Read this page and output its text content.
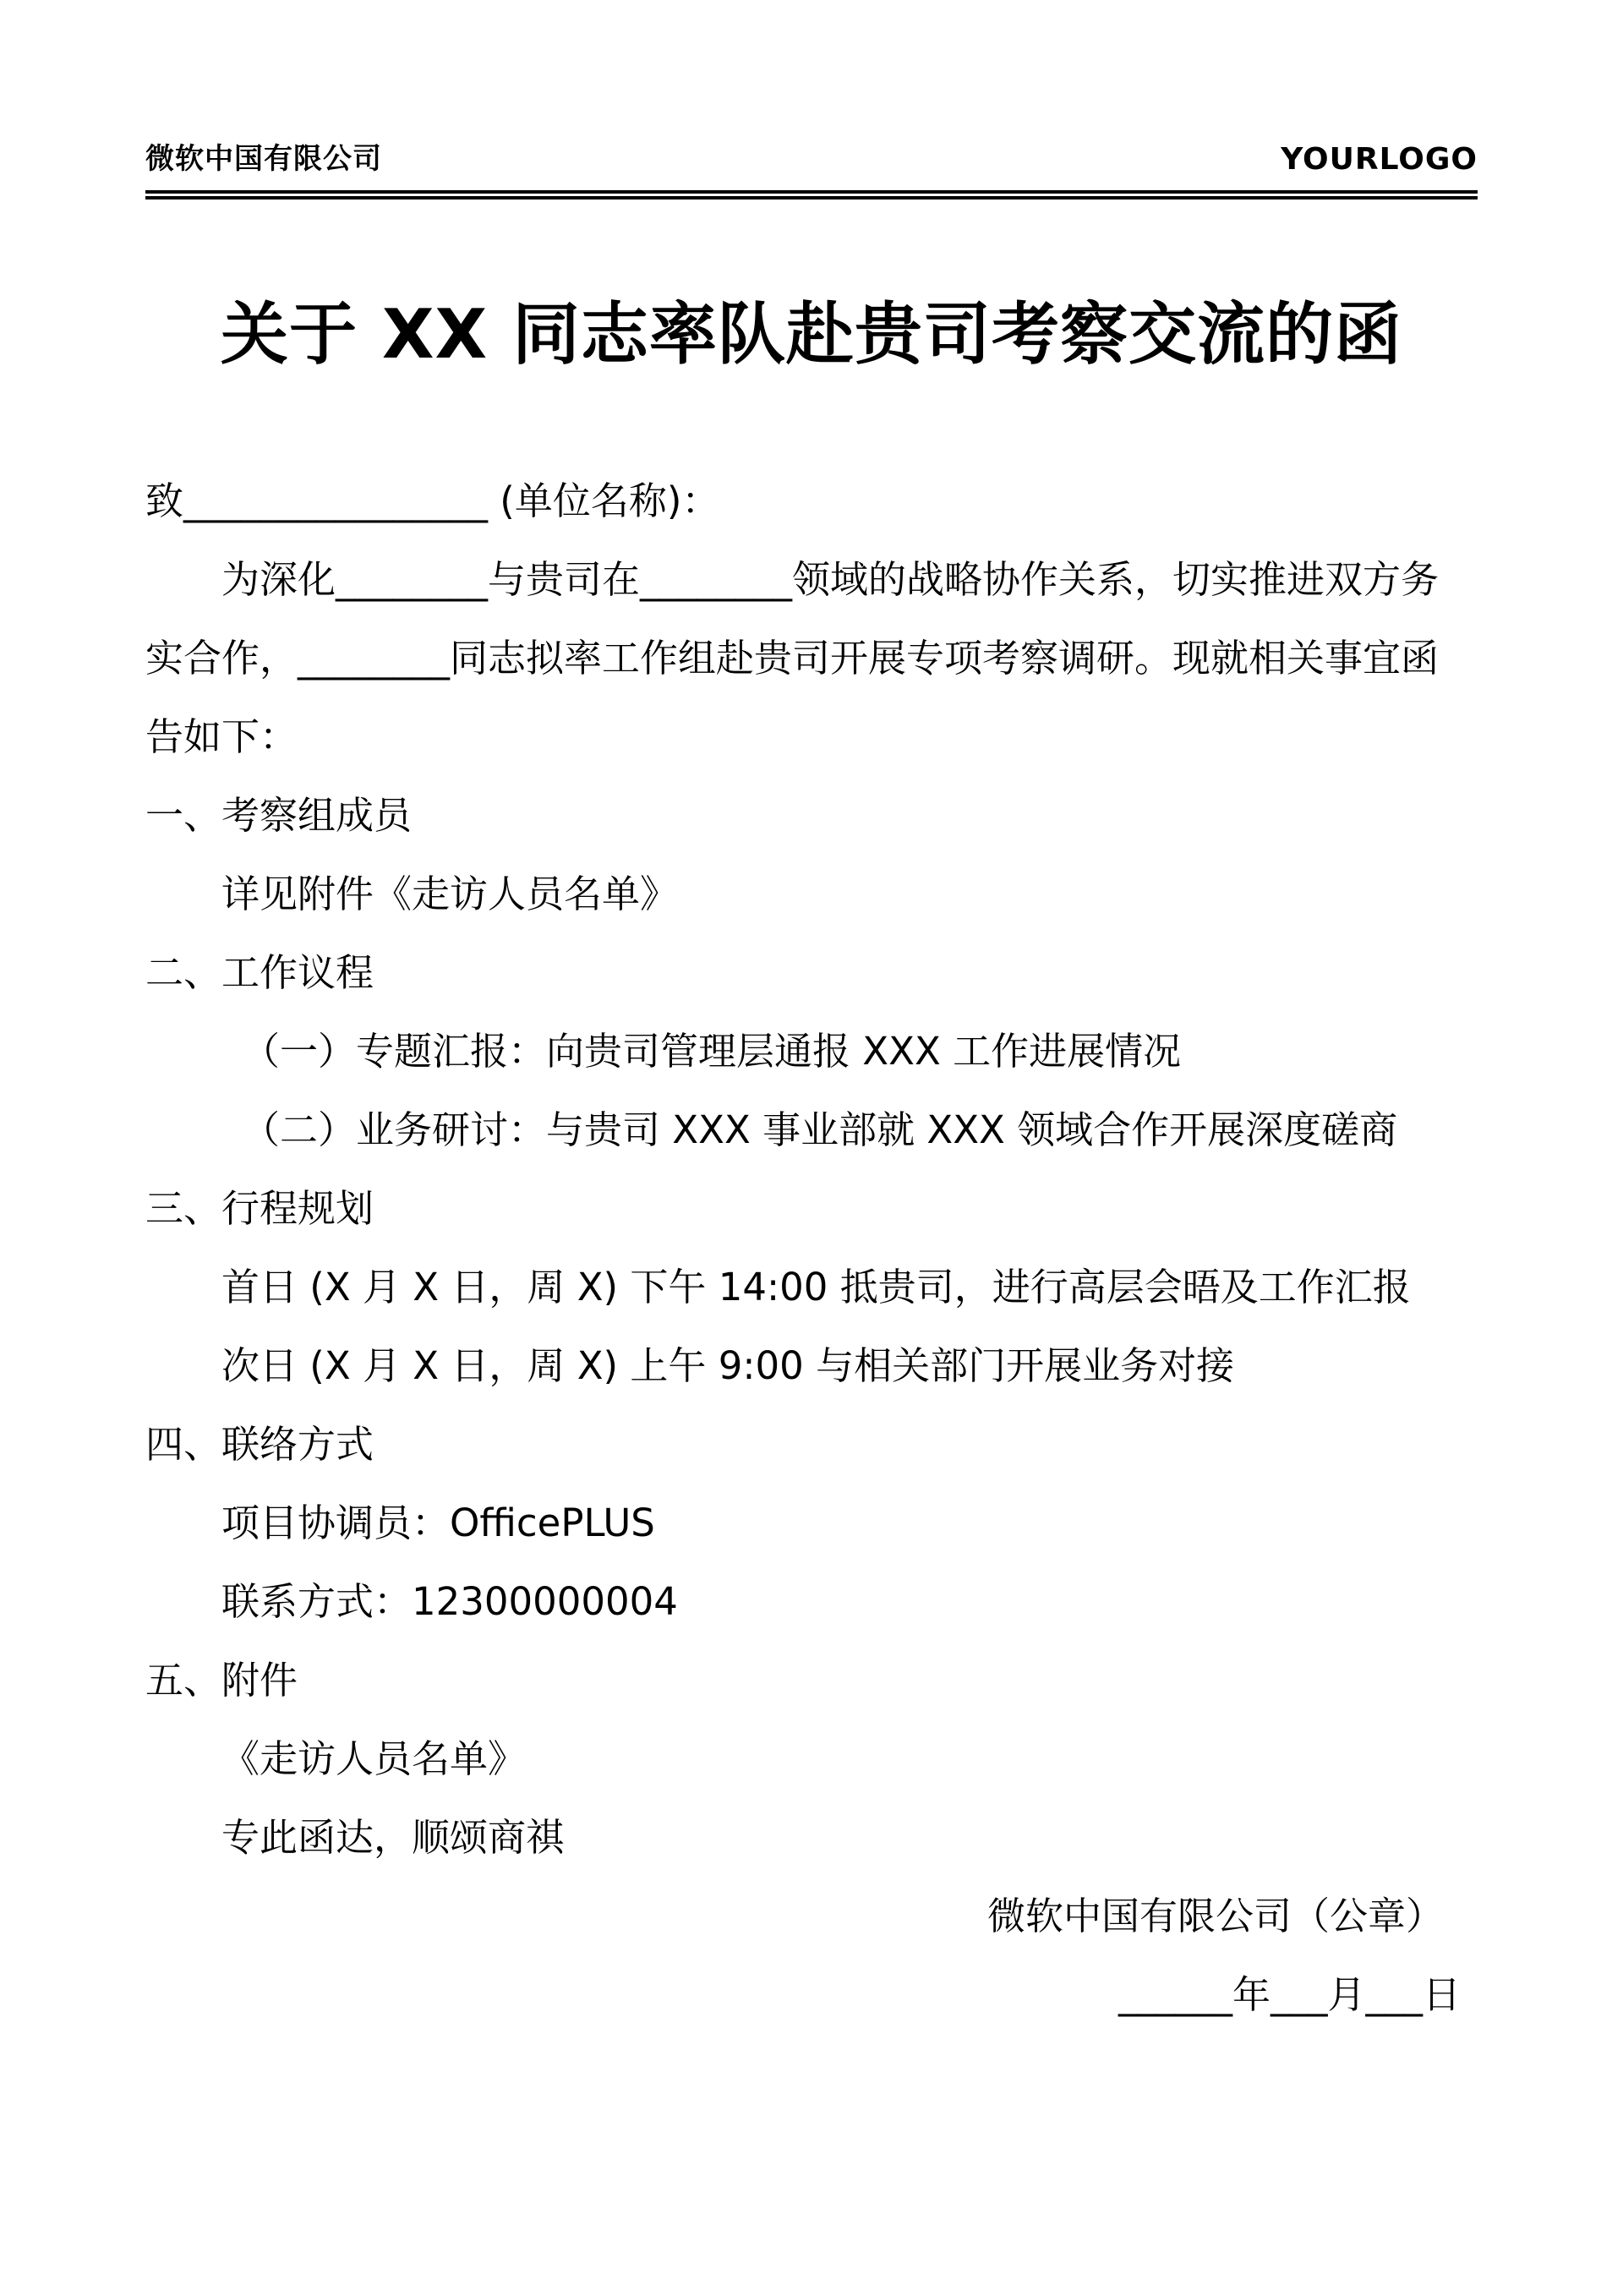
微软中国有限公司	YOURLOGO
关于 XX 同志率队赴贵司考察交流的函
致________________ (单位名称)：
为深化________与贵司在________领域的战略协作关系，切实推进双方务
实合作，________同志拟率工作组赴贵司开展专项考察调研。现就相关事宜函
告如下：
一、考察组成员
详见附件《走访人员名单》
二、工作议程
（一）专题汇报：向贵司管理层通报 XXX 工作进展情况
（二）业务研讨：与贵司 XXX 事业部就 XXX 领域合作开展深度磋商
三、行程规划
首日 (X 月 X 日，周 X) 下午 14:00 抵贵司，进行高层会晤及工作汇报
次日 (X 月 X 日，周 X) 上午 9:00 与相关部门开展业务对接
四、联络方式
项目协调员：OfficePLUS
联系方式：12300000004
五、附件
《走访人员名单》
专此函达，顺颂商祺
微软中国有限公司（公章）
______年___月___日
